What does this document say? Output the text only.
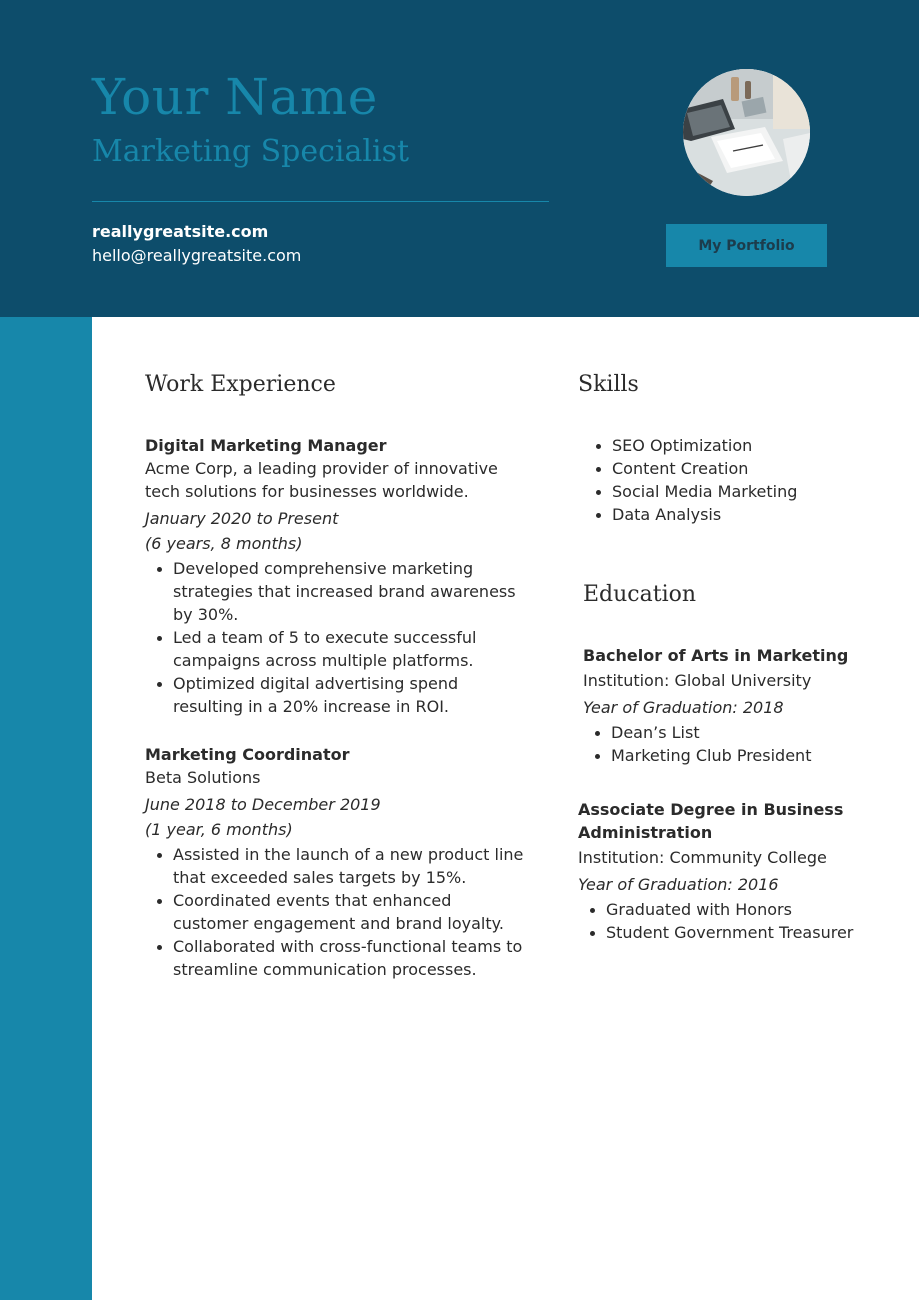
Your Name
Marketing Specialist
reallygreatsite.com
hello@reallygreatsite.com
My Portfolio
Work Experience
Digital Marketing Manager
Acme Corp, a leading provider of innovative tech solutions for businesses worldwide.
January 2020 to Present
(6 years, 8 months)
Developed comprehensive marketing strategies that increased brand awareness by 30%.
Led a team of 5 to execute successful campaigns across multiple platforms.
Optimized digital advertising spend resulting in a 20% increase in ROI.
Marketing Coordinator
Beta Solutions
June 2018 to December 2019
(1 year, 6 months)
Assisted in the launch of a new product line that exceeded sales targets by 15%.
Coordinated events that enhanced customer engagement and brand loyalty.
Collaborated with cross-functional teams to streamline communication processes.
Skills
SEO Optimization
Content Creation
Social Media Marketing
Data Analysis
Education
Bachelor of Arts in Marketing
Institution: Global University
Year of Graduation: 2018
Dean’s List
Marketing Club President
Associate Degree in Business Administration
Institution: Community College
Year of Graduation: 2016
Graduated with Honors
Student Government Treasurer
